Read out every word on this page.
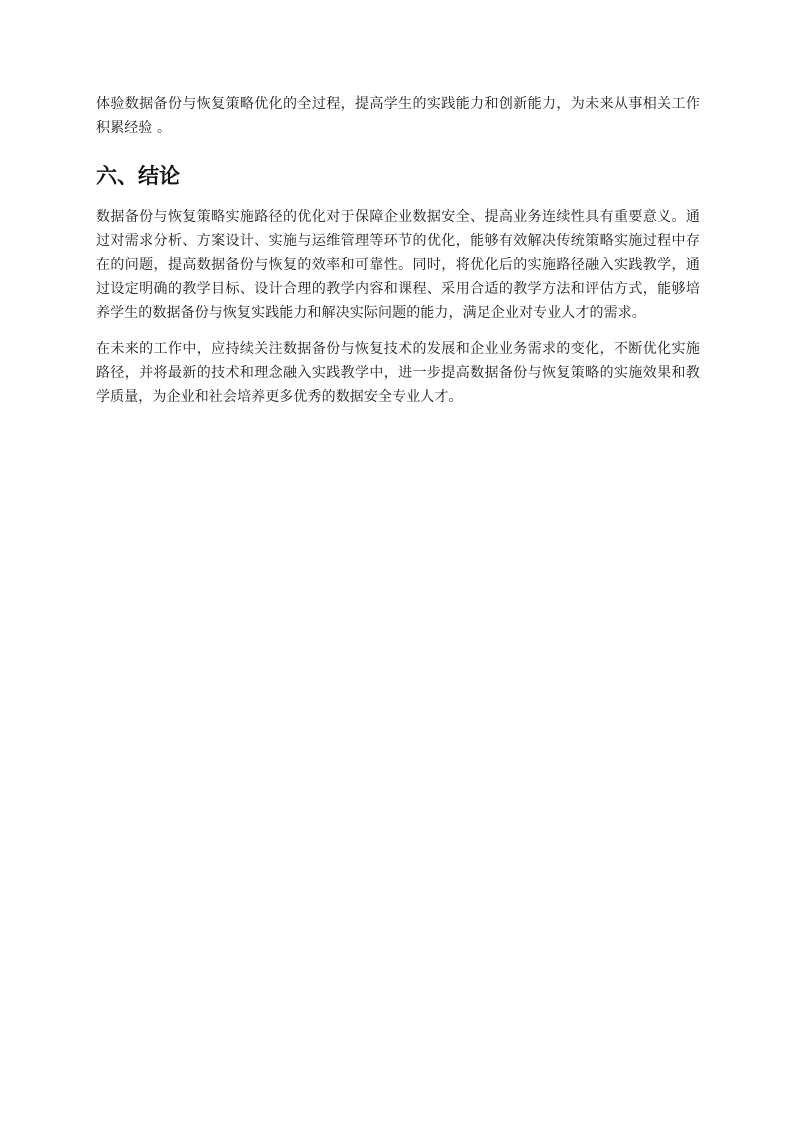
体验数据备份与恢复策略优化的全过程，提高学生的实践能力和创新能力，为未来从事相关工作积累经验 。

六、结论

数据备份与恢复策略实施路径的优化对于保障企业数据安全、提高业务连续性具有重要意义。通过对需求分析、方案设计、实施与运维管理等环节的优化，能够有效解决传统策略实施过程中存在的问题，提高数据备份与恢复的效率和可靠性。同时，将优化后的实施路径融入实践教学，通过设定明确的教学目标、设计合理的教学内容和课程、采用合适的教学方法和评估方式，能够培养学生的数据备份与恢复实践能力和解决实际问题的能力，满足企业对专业人才的需求。

在未来的工作中，应持续关注数据备份与恢复技术的发展和企业业务需求的变化，不断优化实施路径，并将最新的技术和理念融入实践教学中，进一步提高数据备份与恢复策略的实施效果和教学质量，为企业和社会培养更多优秀的数据安全专业人才。
